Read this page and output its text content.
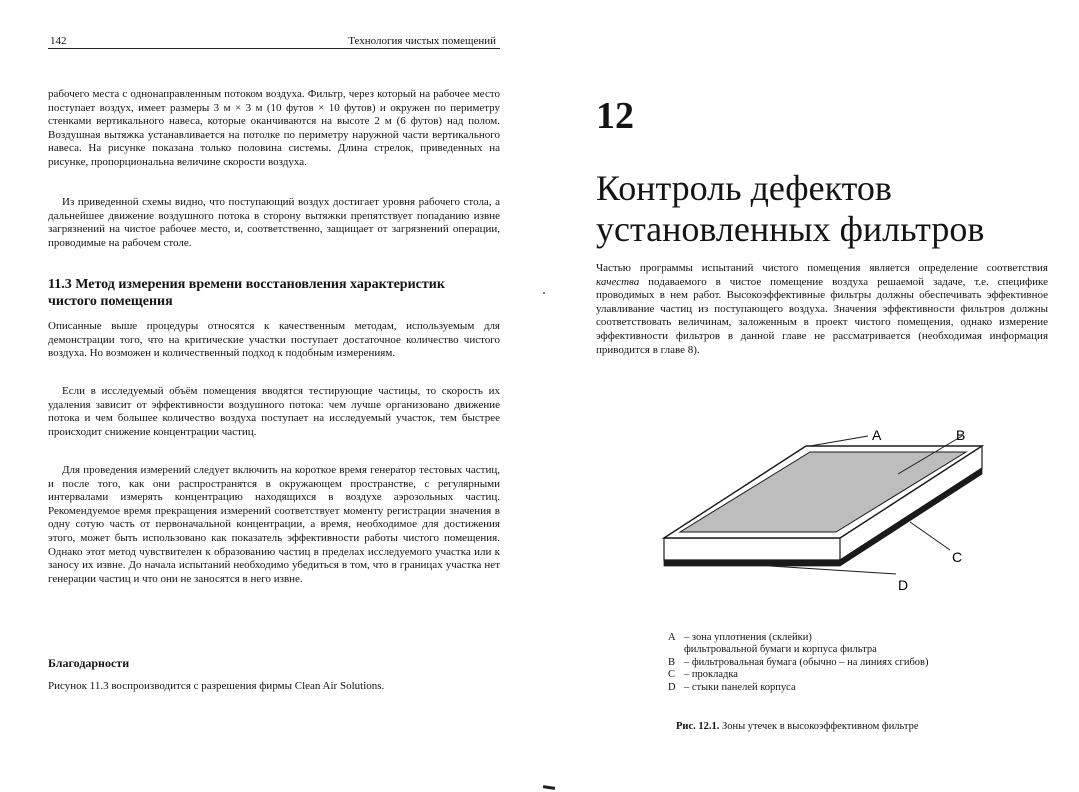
142	Технология чистых помещений

рабочего места с однонаправленным потоком воздуха. Фильтр, через который на рабочее место поступает воздух, имеет размеры 3 м × 3 м (10 футов × 10 футов) и окружен по периметру стенками вертикального навеса, которые оканчиваются на высоте 2 м (6 футов) над полом. Воздушная вытяжка устанавливается на потолке по периметру наружной части вертикального навеса. На рисунке показана только половина системы. Длина стрелок, приведенных на рисунке, пропорциональна величине скорости воздуха.

Из приведенной схемы видно, что поступающий воздух достигает уровня рабочего стола, а дальнейшее движение воздушного потока в сторону вытяжки препятствует попаданию извне загрязнений на чистое рабочее место, и, соответственно, защищает от загрязнений операции, проводимые на рабочем столе.

11.3 Метод измерения времени восстановления характеристик чистого помещения

Описанные выше процедуры относятся к качественным методам, используемым для демонстрации того, что на критические участки поступает достаточное количество чистого воздуха. Но возможен и количественный подход к подобным измерениям.

Если в исследуемый объём помещения вводятся тестирующие частицы, то скорость их удаления зависит от эффективности воздушного потока: чем лучше организовано движение потока и чем большее количество воздуха поступает на исследуемый участок, тем быстрее происходит снижение концентрации частиц.

Для проведения измерений следует включить на короткое время генератор тестовых частиц, и после того, как они распространятся в окружающем пространстве, с регулярными интервалами измерять концентрацию находящихся в воздухе аэрозольных частиц. Рекомендуемое время прекращения измерений соответствует моменту регистрации значения в одну сотую часть от первоначальной концентрации, а время, необходимое для достижения этого, может быть использовано как показатель эффективности работы чистого помещения. Однако этот метод чувствителен к образованию частиц в пределах исследуемого участка или к заносу их извне. До начала испытаний необходимо убедиться в том, что в границах участка нет генерации частиц и что они не заносятся в него извне.

Благодарности

Рисунок 11.3 воспроизводится с разрешения фирмы Clean Air Solutions.

12
Контроль дефектов
установленных фильтров

Частью программы испытаний чистого помещения является определение соответствия качества подаваемого в чистое помещение воздуха решаемой задаче, т.е. специфике проводимых в нем работ. Высокоэффективные фильтры должны обеспечивать эффективное улавливание частиц из поступающего воздуха. Значения эффективности фильтров должны соответствовать величинам, заложенным в проект чистого помещения, однако измерение эффективности фильтров в данной главе не рассматривается (необходимая информация приводится в главе 8).

A	B
C
D
A – зона уплотнения (склейки)
фильтровальной бумаги и корпуса фильтра
B – фильтровальная бумага (обычно – на линиях сгибов)
C – прокладка
D – стыки панелей корпуса
Рис. 12.1. Зоны утечек в высокоэффективном фильтре
